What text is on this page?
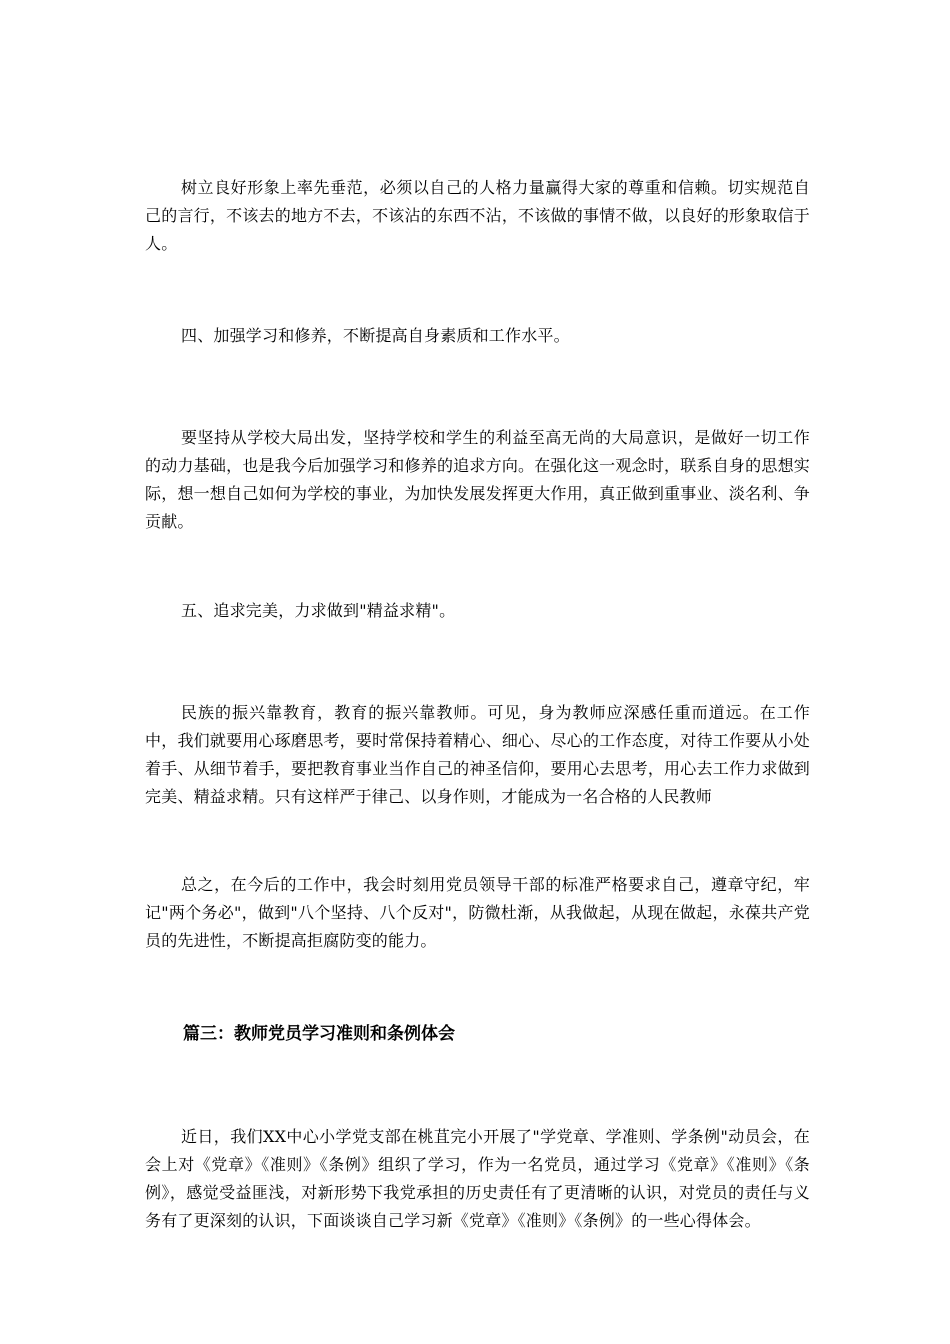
树立良好形象上率先垂范，必须以自己的人格力量赢得大家的尊重和信赖。切实规范自己的言行，不该去的地方不去，不该沾的东西不沾，不该做的事情不做，以良好的形象取信于人。

四、加强学习和修养，不断提高自身素质和工作水平。

要坚持从学校大局出发，坚持学校和学生的利益至高无尚的大局意识，是做好一切工作的动力基础，也是我今后加强学习和修养的追求方向。在强化这一观念时，联系自身的思想实际，想一想自己如何为学校的事业，为加快发展发挥更大作用，真正做到重事业、淡名利、争贡献。

五、追求完美，力求做到"精益求精"。

民族的振兴靠教育，教育的振兴靠教师。可见，身为教师应深感任重而道远。在工作中，我们就要用心琢磨思考，要时常保持着精心、细心、尽心的工作态度，对待工作要从小处着手、从细节着手，要把教育事业当作自己的神圣信仰，要用心去思考，用心去工作力求做到完美、精益求精。只有这样严于律己、以身作则，才能成为一名合格的人民教师

总之，在今后的工作中，我会时刻用党员领导干部的标准严格要求自己，遵章守纪，牢记"两个务必"，做到"八个坚持、八个反对"，防微杜渐，从我做起，从现在做起，永葆共产党员的先进性，不断提高拒腐防变的能力。

篇三：教师党员学习准则和条例体会

近日，我们XX中心小学党支部在桃苴完小开展了"学党章、学准则、学条例"动员会，在会上对《党章》《准则》《条例》组织了学习，作为一名党员，通过学习《党章》《准则》《条例》，感觉受益匪浅，对新形势下我党承担的历史责任有了更清晰的认识，对党员的责任与义务有了更深刻的认识，下面谈谈自己学习新《党章》《准则》《条例》的一些心得体会。
